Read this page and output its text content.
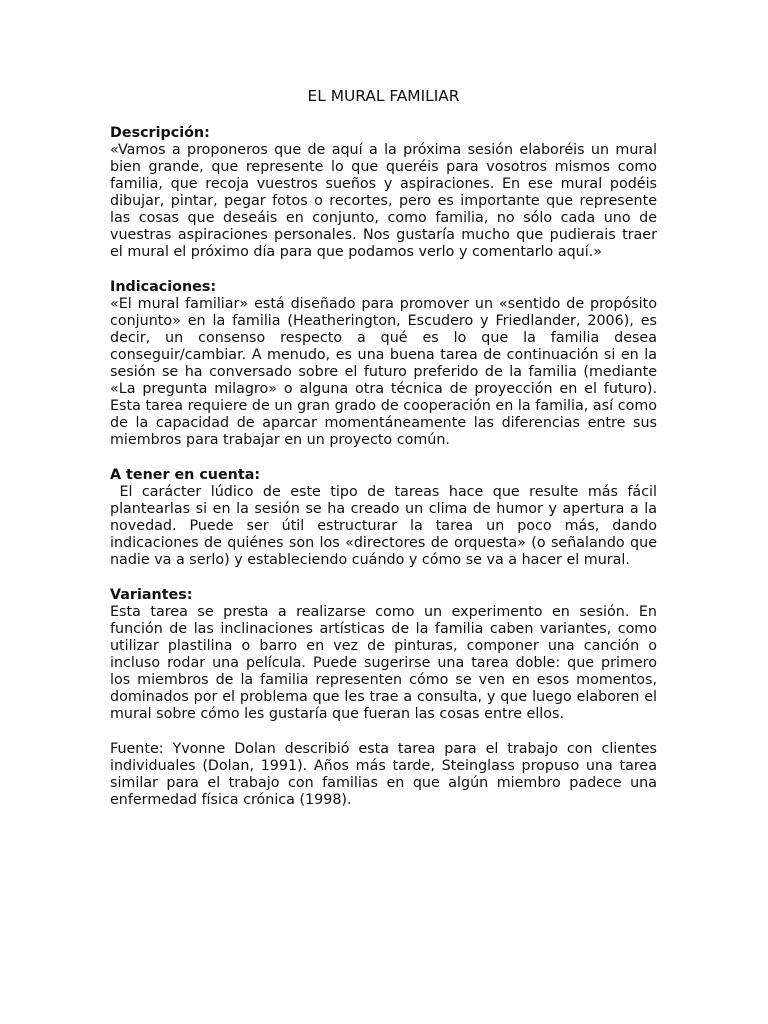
EL MURAL FAMILIAR

Descripción:

«Vamos a proponeros que de aquí a la próxima sesión elaboréis un mural bien grande, que represente lo que queréis para vosotros mismos como familia, que recoja vuestros sueños y aspiraciones. En ese mural podéis dibujar, pintar, pegar fotos o recortes, pero es importante que represente las cosas que deseáis en conjunto, como familia, no sólo cada uno de vuestras aspiraciones personales. Nos gustaría mucho que pudierais traer el mural el próximo día para que podamos verlo y comentarlo aquí.»

Indicaciones:

«El mural familiar» está diseñado para promover un «sentido de propósito conjunto» en la familia (Heatherington, Escudero y Friedlander, 2006), es decir, un consenso respecto a qué es lo que la familia desea conseguir/cambiar. A menudo, es una buena tarea de continuación si en la sesión se ha conversado sobre el futuro preferido de la familia (mediante «La pregunta milagro» o alguna otra técnica de proyección en el futuro). Esta tarea requiere de un gran grado de cooperación en la familia, así como de la capacidad de aparcar momentáneamente las diferencias entre sus miembros para trabajar en un proyecto común.

A tener en cuenta:

El carácter lúdico de este tipo de tareas hace que resulte más fácil plantearlas si en la sesión se ha creado un clima de humor y apertura a la novedad. Puede ser útil estructurar la tarea un poco más, dando indicaciones de quiénes son los «directores de orquesta» (o señalando que nadie va a serlo) y estableciendo cuándo y cómo se va a hacer el mural.

Variantes:

Esta tarea se presta a realizarse como un experimento en sesión. En función de las inclinaciones artísticas de la familia caben variantes, como utilizar plastilina o barro en vez de pinturas, componer una canción o incluso rodar una película. Puede sugerirse una tarea doble: que primero los miembros de la familia representen cómo se ven en esos momentos, dominados por el problema que les trae a consulta, y que luego elaboren el mural sobre cómo les gustaría que fueran las cosas entre ellos.

Fuente: Yvonne Dolan describió esta tarea para el trabajo con clientes individuales (Dolan, 1991). Años más tarde, Steinglass propuso una tarea similar para el trabajo con familias en que algún miembro padece una enfermedad física crónica (1998).
